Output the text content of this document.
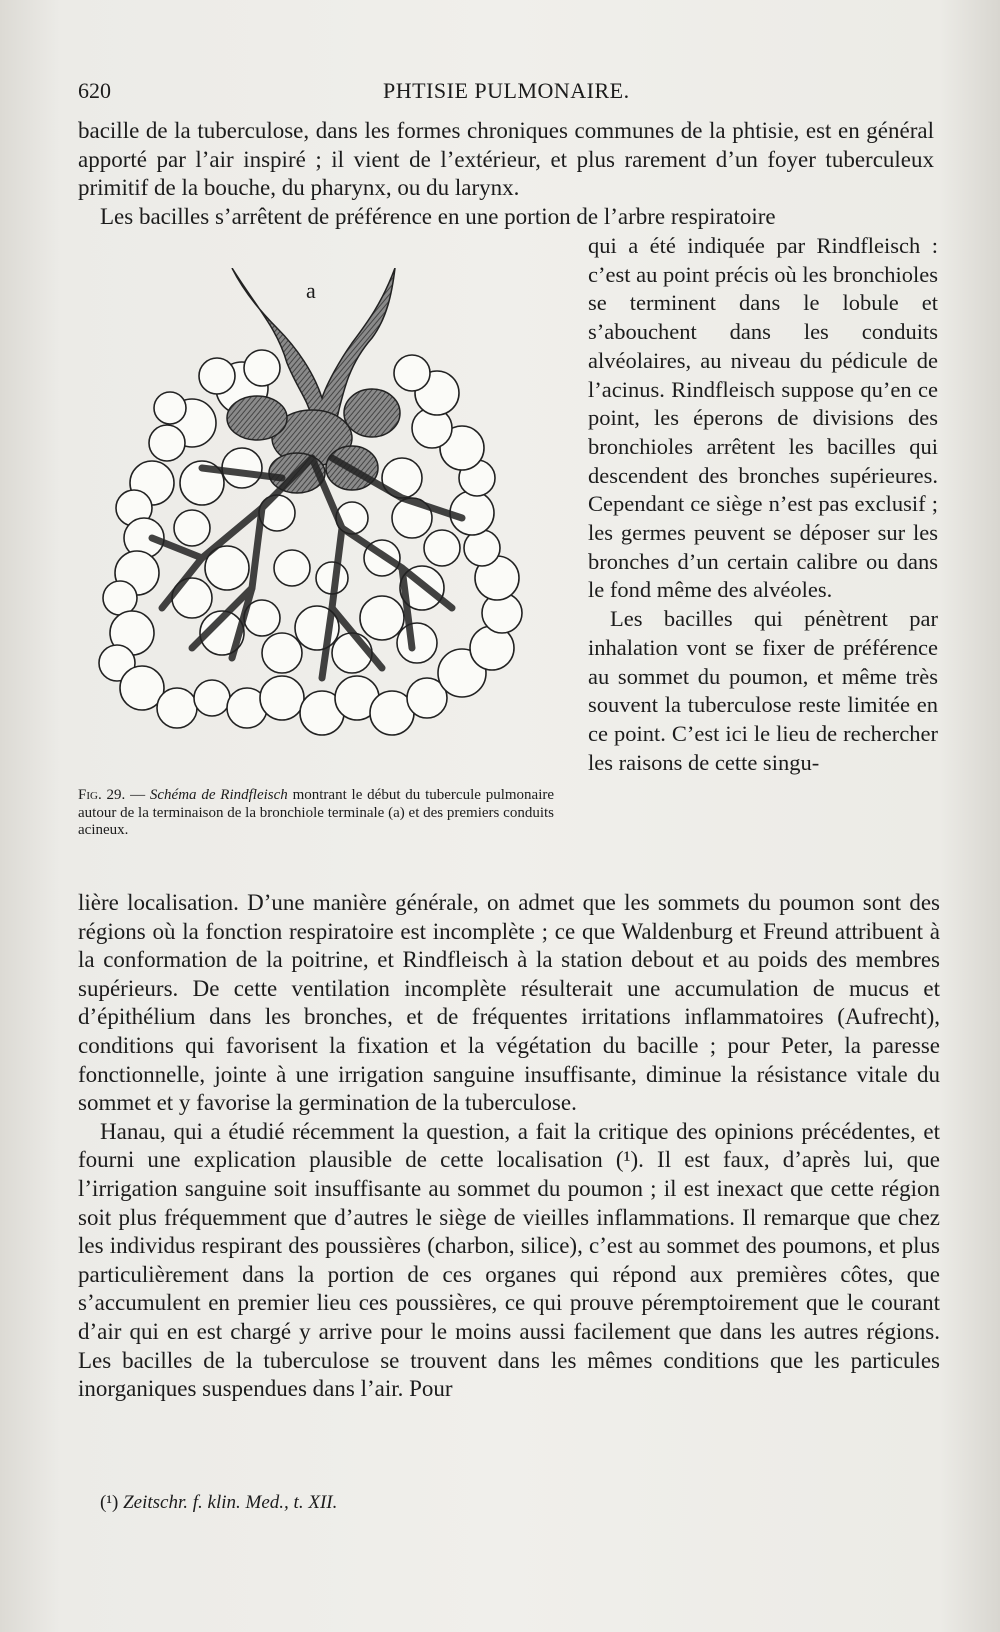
620	PHTISIE PULMONAIRE.

bacille de la tuberculose, dans les formes chroniques communes de la phtisie, est en général apporté par l’air inspiré ; il vient de l’extérieur, et plus rarement d’un foyer tuberculeux primitif de la bouche, du pharynx, ou du larynx.

Les bacilles s’arrêtent de préférence en une portion de l’arbre respiratoire

a
Fig. 29. — Schéma de Rindfleisch montrant le début du tubercule pulmonaire autour de la terminaison de la bronchiole terminale (a) et des premiers conduits acineux.

qui a été indiquée par Rindfleisch : c’est au point précis où les bronchioles se terminent dans le lobule et s’abouchent dans les conduits alvéolaires, au niveau du pédicule de l’acinus. Rindfleisch suppose qu’en ce point, les éperons de divisions des bronchioles arrêtent les bacilles qui descendent des bronches supérieures. Cependant ce siège n’est pas exclusif ; les germes peuvent se déposer sur les bronches d’un certain calibre ou dans le fond même des alvéoles.

Les bacilles qui pénètrent par inhalation vont se fixer de préférence au sommet du poumon, et même très souvent la tuberculose reste limitée en ce point. C’est ici le lieu de rechercher les raisons de cette singu-

lière localisation. D’une manière générale, on admet que les sommets du poumon sont des régions où la fonction respiratoire est incomplète ; ce que Waldenburg et Freund attribuent à la conformation de la poitrine, et Rindfleisch à la station debout et au poids des membres supérieurs. De cette ventilation incomplète résulterait une accumulation de mucus et d’épithélium dans les bronches, et de fréquentes irritations inflammatoires (Aufrecht), conditions qui favorisent la fixation et la végétation du bacille ; pour Peter, la paresse fonctionnelle, jointe à une irrigation sanguine insuffisante, diminue la résistance vitale du sommet et y favorise la germination de la tuberculose.

Hanau, qui a étudié récemment la question, a fait la critique des opinions précédentes, et fourni une explication plausible de cette localisation (¹). Il est faux, d’après lui, que l’irrigation sanguine soit insuffisante au sommet du poumon ; il est inexact que cette région soit plus fréquemment que d’autres le siège de vieilles inflammations. Il remarque que chez les individus respirant des poussières (charbon, silice), c’est au sommet des poumons, et plus particulièrement dans la portion de ces organes qui répond aux premières côtes, que s’accumulent en premier lieu ces poussières, ce qui prouve péremptoirement que le courant d’air qui en est chargé y arrive pour le moins aussi facilement que dans les autres régions. Les bacilles de la tuberculose se trouvent dans les mêmes conditions que les particules inorganiques suspendues dans l’air. Pour

(¹) Zeitschr. f. klin. Med., t. XII.
